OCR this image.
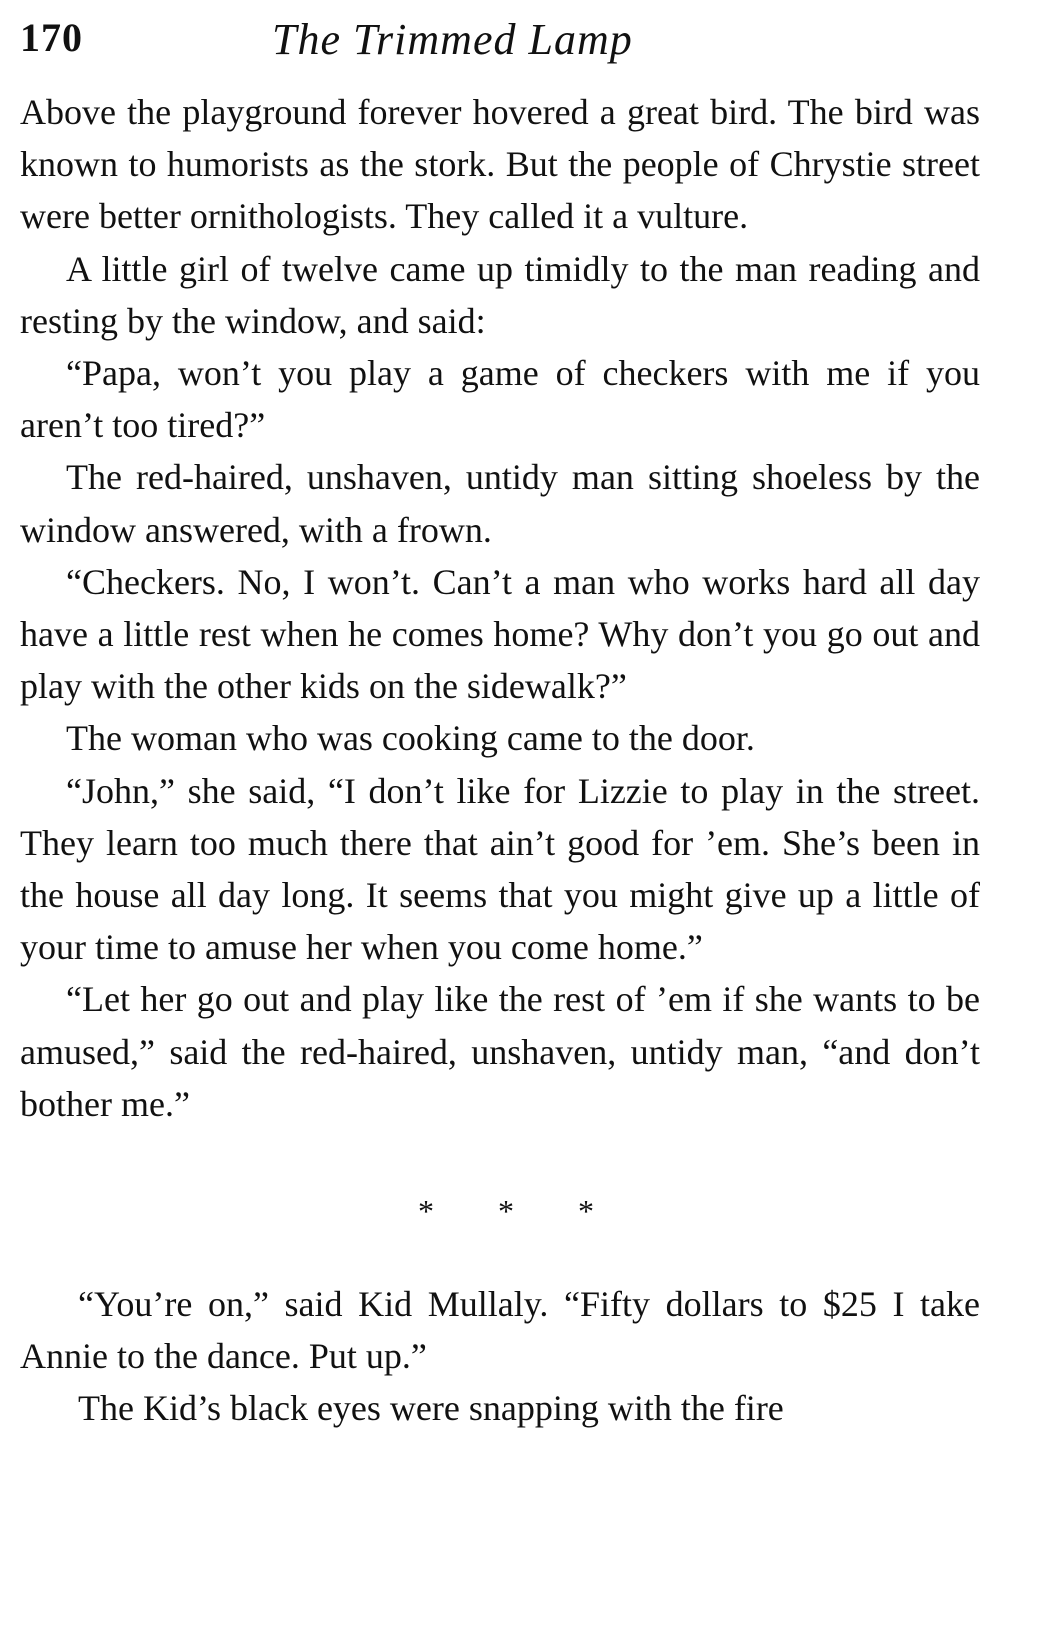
170	The Trimmed Lamp

Above the playground forever hovered a great bird. The bird was known to humorists as the stork. But the people of Chrystie street were better ornithologists. They called it a vulture.

A little girl of twelve came up timidly to the man reading and resting by the window, and said:

“Papa, won’t you play a game of checkers with me if you aren’t too tired?”

The red-haired, unshaven, untidy man sitting shoeless by the window answered, with a frown.

“Checkers. No, I won’t. Can’t a man who works hard all day have a little rest when he comes home? Why don’t you go out and play with the other kids on the sidewalk?”

The woman who was cooking came to the door.

“John,” she said, “I don’t like for Lizzie to play in the street. They learn too much there that ain’t good for ’em. She’s been in the house all day long. It seems that you might give up a little of your time to amuse her when you come home.”

“Let her go out and play like the rest of ’em if she wants to be amused,” said the red-haired, unshaven, untidy man, “and don’t bother me.”

* * *

“You’re on,” said Kid Mullaly. “Fifty dollars to $25 I take Annie to the dance. Put up.”

The Kid’s black eyes were snapping with the fire
